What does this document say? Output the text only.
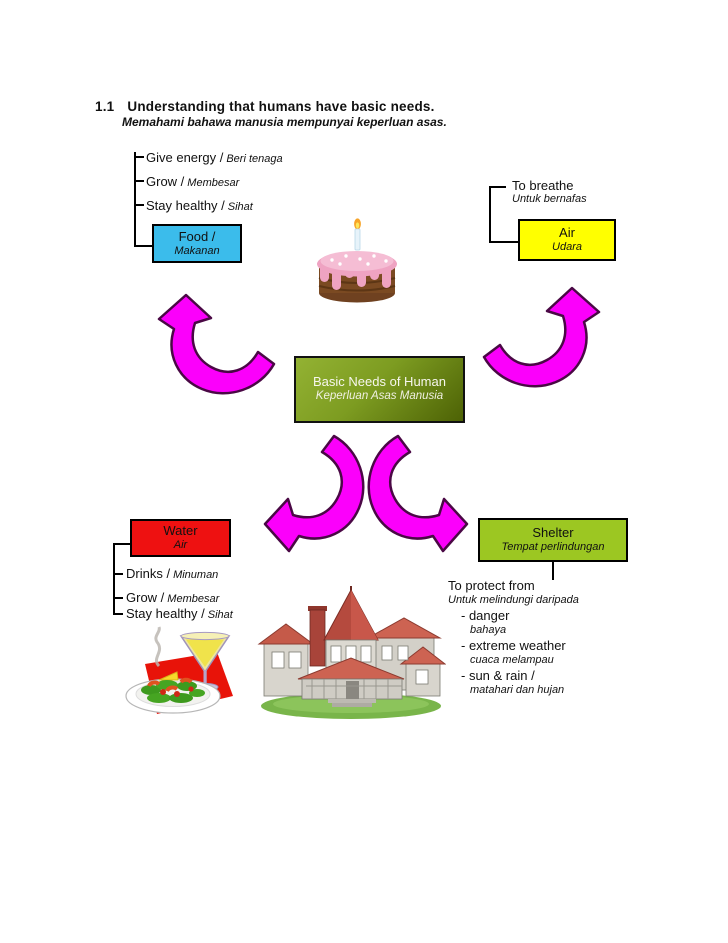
1.1 Understanding that humans have basic needs.
Memahami bahawa manusia mempunyai keperluan asas.
Give energy / Beri tenaga
Grow / Membesar
Stay healthy / Sihat
Food /
Makanan
To breathe
Untuk bernafas
Air
Udara
Basic Needs of Human
Keperluan Asas Manusia
Water
Air
Drinks / Minuman
Grow / Membesar
Stay healthy / Sihat
Shelter
Tempat perlindungan
To protect from
Untuk melindungi daripada
- danger
bahaya
- extreme weather
cuaca melampau
- sun & rain /
matahari dan hujan
